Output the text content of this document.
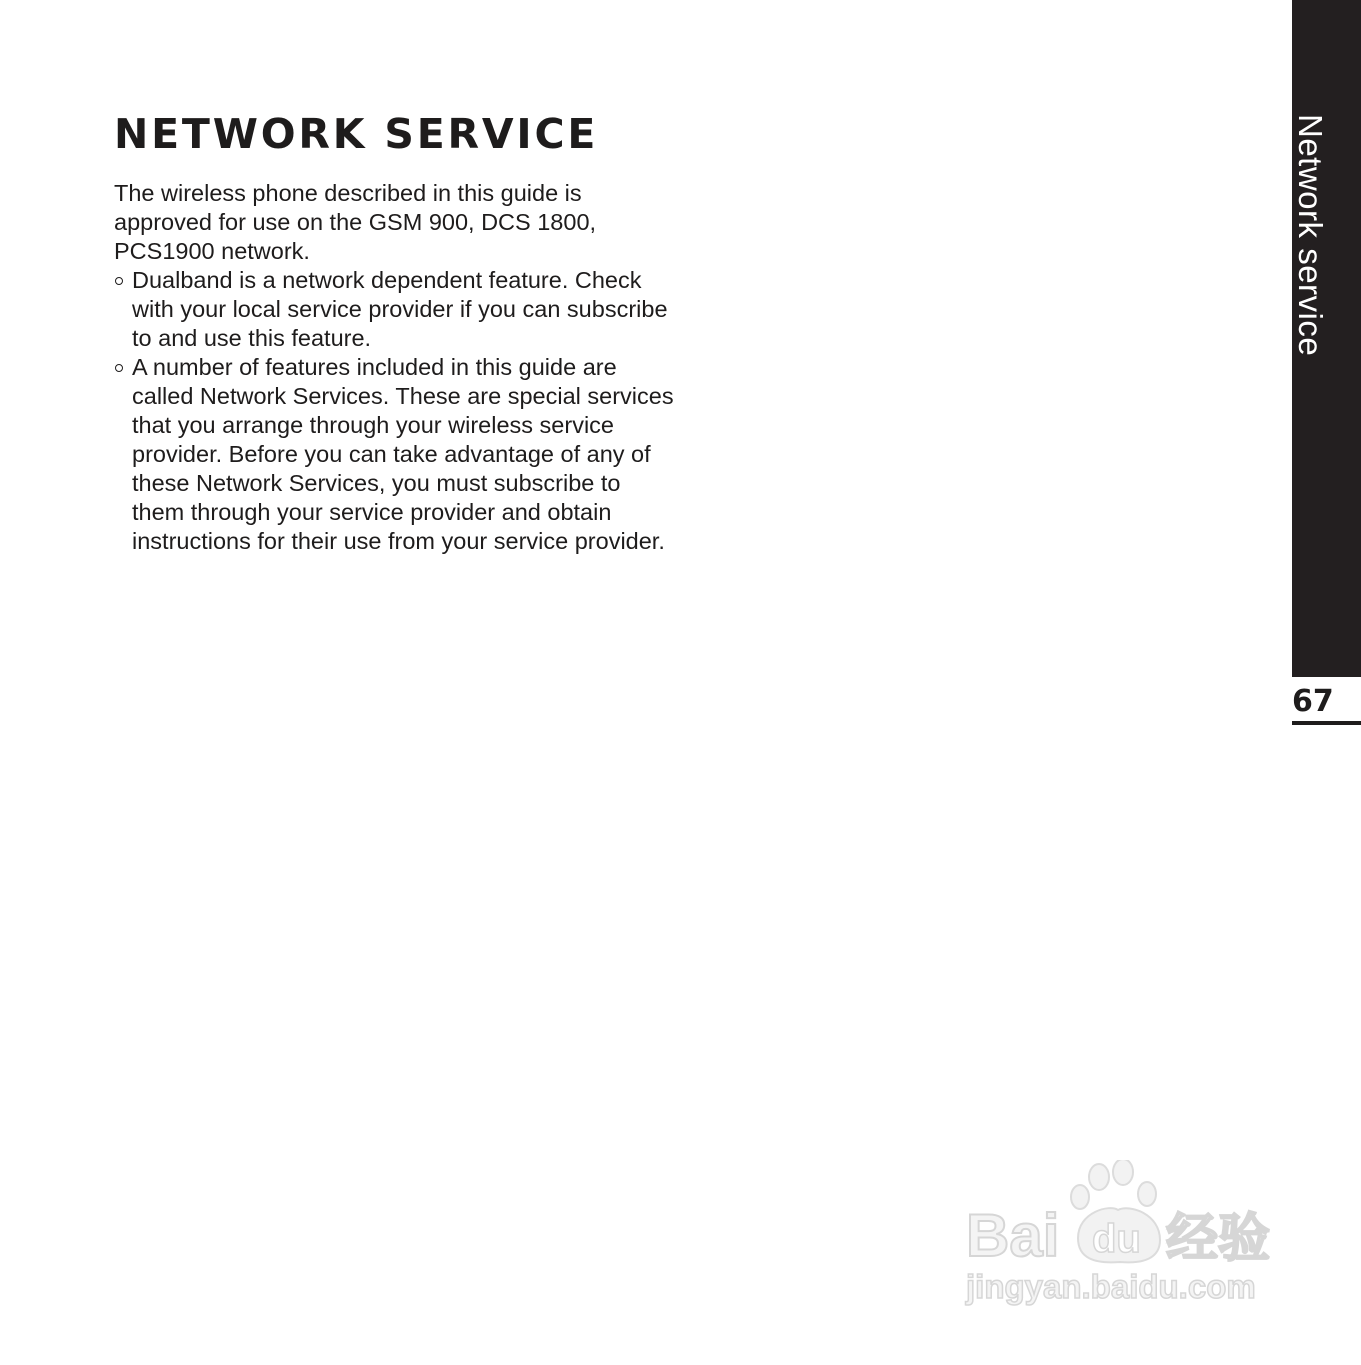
NETWORK SERVICE

The wireless phone described in this guide is approved for use on the GSM 900, DCS 1800, PCS1900 network.

Dualband is a network dependent feature. Check with your local service provider if you can subscribe to and use this feature.
A number of features included in this guide are called Network Services. These are special services that you arrange through your wireless service provider. Before you can take advantage of any of these Network Services, you must subscribe to them through your service provider and obtain instructions for their use from your service provider.
Network service
67
Bai du 经验
jingyan.baidu.com
